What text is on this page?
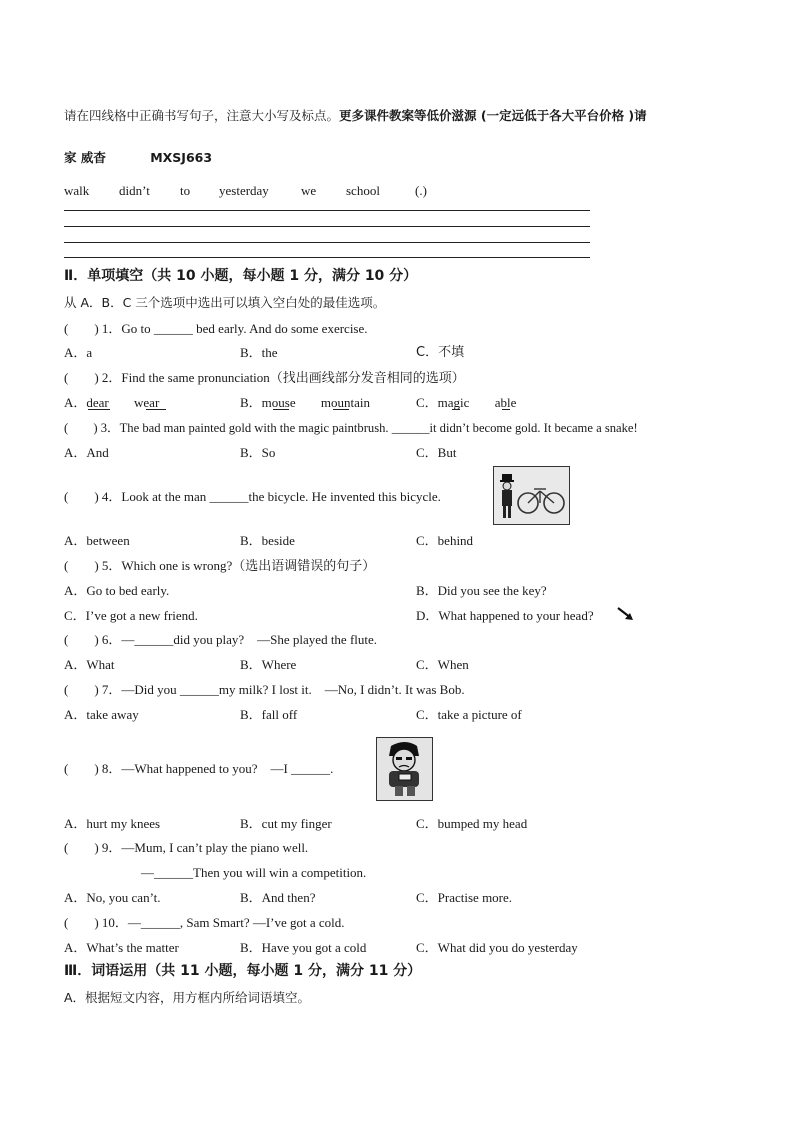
请在四线格中正确书写句子，注意大小写及标点。更多课件教案等低价滋源 (一定远低于各大平台价格 )请
家 威杳	MXSJ663
walk didn’t to yesterday we school	(.)
Ⅱ．单项填空（共 10 小题，每小题 1 分，满分 10 分）
从 A．B．C 三个选项中选出可以填入空白处的最佳选项。
(　　) 1．Go to ______ bed early. And do some exercise.
A．a	B．the	C．不填
(　　) 2．Find the same pronunciation（找出画线部分发音相同的选项）
A．dear wear	B．mouse mountain	C．magic able
(　　) 3．The bad man painted gold with the magic paintbrush. ______it didn’t become gold. It became a snake!
A．And	B．So	C．But
(　　) 4．Look at the man ______the bicycle. He invented this bicycle.
A．between	B．beside	C．behind
(　　) 5．Which one is wrong?（选出语调错误的句子）
A．Go to bed early.	B．Did you see the key?
C．I’ve got a new friend.	D．What happened to your head?
(　　) 6．—______did you play?　—She played the flute.
A．What	B．Where	C．When
(　　) 7．—Did you ______my milk? I lost it.　—No, I didn’t. It was Bob.
A．take away	B．fall off	C．take a picture of
(　　) 8．—What happened to you?　—I ______.
A．hurt my knees	B．cut my finger	C．bumped my head
(　　) 9．—Mum, I can’t play the piano well.
—______Then you will win a competition.
A．No, you can’t.	B．And then?	C．Practise more.
(　　) 10．—______, Sam Smart? —I’ve got a cold.
A．What’s the matter	B．Have you got a cold	C．What did you do yesterday
Ⅲ．词语运用（共 11 小题，每小题 1 分，满分 11 分）
A．根据短文内容，用方框内所给词语填空。
